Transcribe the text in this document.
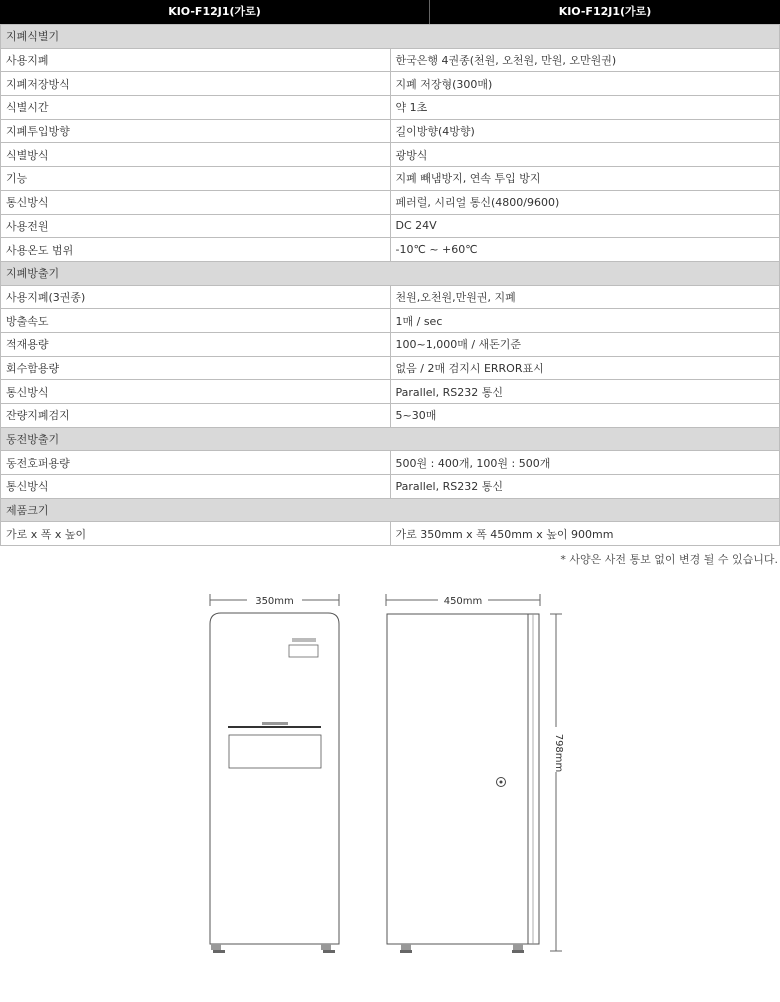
KIO-F12J1(가로)	KIO-F12J1(가로)
지폐식별기	
사용지폐	한국은행 4권종(천원, 오천원, 만원, 오만원권)
지폐저장방식	지폐 저장형(300매)
식별시간	약 1초
지폐투입방향	길이방향(4방향)
식별방식	광방식
기능	지폐 빼냄방지, 연속 투입 방지
통신방식	페러럴, 시리얼 통신(4800/9600)
사용전원	DC 24V
사용온도 범위	-10℃ ~ +60℃
지폐방출기	
사용지폐(3권종)	천원,오천원,만원권, 지폐
방출속도	1매 / sec
적재용량	100~1,000매 / 새돈기준
회수함용량	없음 / 2매 검지시 ERROR표시
통신방식	Parallel, RS232 통신
잔량지폐검지	5~30매
동전방출기	
동전호퍼용량	500원 : 400개, 100원 : 500개
통신방식	Parallel, RS232 통신
제품크기	
가로 x 폭 x 높이	가로 350mm x 폭 450mm x 높이 900mm
* 사양은 사전 통보 없이 변경 될 수 있습니다.
350mm	450mm
798mm
